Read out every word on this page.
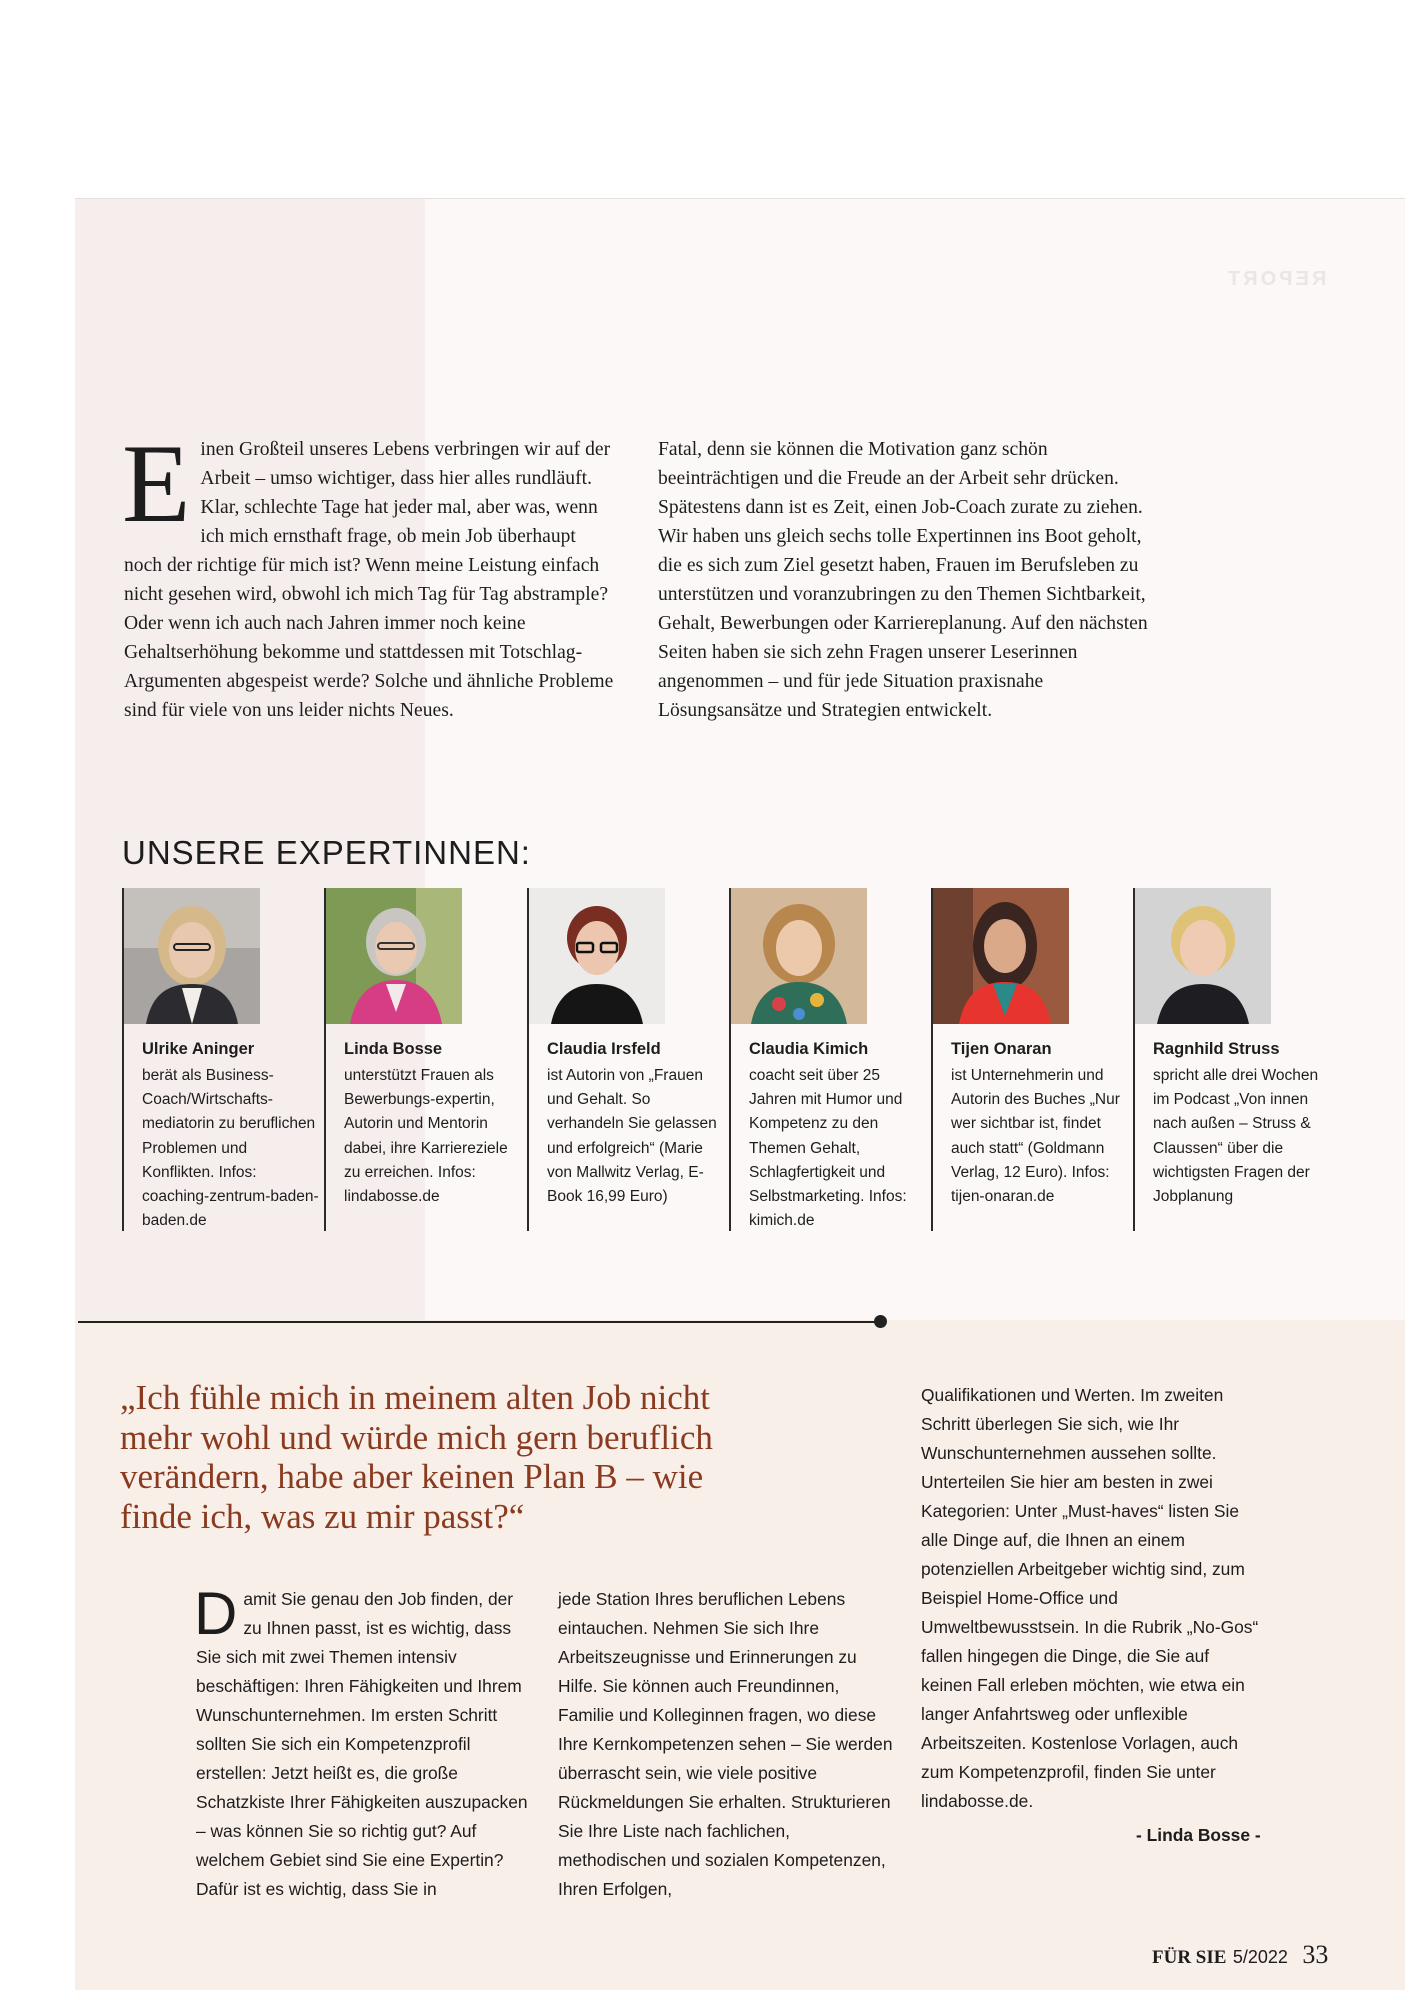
REPORT
E inen Großteil unseres Lebens verbringen wir auf der Arbeit – umso wichtiger, dass hier alles rundläuft. Klar, schlechte Tage hat jeder mal, aber was, wenn ich mich ernsthaft frage, ob mein Job überhaupt noch der richtige für mich ist? Wenn meine Leistung einfach nicht gesehen wird, obwohl ich mich Tag für Tag abstrample? Oder wenn ich auch nach Jahren immer noch keine Gehaltserhöhung bekomme und stattdessen mit Totschlag-Argumenten abgespeist werde? Solche und ähnliche Probleme sind für viele von uns leider nichts Neues.
Fatal, denn sie können die Motivation ganz schön beeinträchtigen und die Freude an der Arbeit sehr drücken. Spätestens dann ist es Zeit, einen Job-Coach zurate zu ziehen. Wir haben uns gleich sechs tolle Expertinnen ins Boot geholt, die es sich zum Ziel gesetzt haben, Frauen im Berufsleben zu unterstützen und voranzubringen zu den Themen Sichtbarkeit, Gehalt, Bewerbungen oder Karriereplanung. Auf den nächsten Seiten haben sie sich zehn Fragen unserer Leserinnen angenommen – und für jede Situation praxisnahe Lösungsansätze und Strategien entwickelt.
UNSERE EXPERTINNEN:
Ulrike Aninger
berät als Business-Coach/Wirtschafts-mediatorin zu beruflichen Problemen und Konflikten. Infos: coaching-zentrum-baden-baden.de
Linda Bosse
unterstützt Frauen als Bewerbungs-expertin, Autorin und Mentorin dabei, ihre Karriereziele zu erreichen. Infos: lindabosse.de
Claudia Irsfeld
ist Autorin von „Frauen und Gehalt. So verhandeln Sie gelassen und erfolgreich“ (Marie von Mallwitz Verlag, E-Book 16,99 Euro)
Claudia Kimich
coacht seit über 25 Jahren mit Humor und Kompetenz zu den Themen Gehalt, Schlagfertigkeit und Selbstmarketing. Infos: kimich.de
Tijen Onaran
ist Unternehmerin und Autorin des Buches „Nur wer sichtbar ist, findet auch statt“ (Goldmann Verlag, 12 Euro). Infos: tijen-onaran.de
Ragnhild Struss
spricht alle drei Wochen im Podcast „Von innen nach außen – Struss & Claussen“ über die wichtigsten Fragen der Jobplanung
„Ich fühle mich in meinem alten Job nicht mehr wohl und würde mich gern beruflich verändern, habe aber keinen Plan B – wie finde ich, was zu mir passt?“
D amit Sie genau den Job finden, der zu Ihnen passt, ist es wichtig, dass Sie sich mit zwei Themen intensiv beschäftigen: Ihren Fähigkeiten und Ihrem Wunschunternehmen. Im ersten Schritt sollten Sie sich ein Kompetenzprofil erstellen: Jetzt heißt es, die große Schatzkiste Ihrer Fähigkeiten auszupacken – was können Sie so richtig gut? Auf welchem Gebiet sind Sie eine Expertin? Dafür ist es wichtig, dass Sie in
jede Station Ihres beruflichen Lebens eintauchen. Nehmen Sie sich Ihre Arbeitszeugnisse und Erinnerungen zu Hilfe. Sie können auch Freundinnen, Familie und Kolleginnen fragen, wo diese Ihre Kernkompetenzen sehen – Sie werden überrascht sein, wie viele positive Rückmeldungen Sie erhalten. Strukturieren Sie Ihre Liste nach fachlichen, methodischen und sozialen Kompetenzen, Ihren Erfolgen,
Qualifikationen und Werten. Im zweiten Schritt überlegen Sie sich, wie Ihr Wunschunternehmen aussehen sollte. Unterteilen Sie hier am besten in zwei Kategorien: Unter „Must-haves“ listen Sie alle Dinge auf, die Ihnen an einem potenziellen Arbeitgeber wichtig sind, zum Beispiel Home-Office und Umweltbewusstsein. In die Rubrik „No-Gos“ fallen hingegen die Dinge, die Sie auf keinen Fall erleben möchten, wie etwa ein langer Anfahrtsweg oder unflexible Arbeitszeiten. Kostenlose Vorlagen, auch zum Kompetenzprofil, finden Sie unter lindabosse.de.
- Linda Bosse -
FÜR SIE 5/2022 33
